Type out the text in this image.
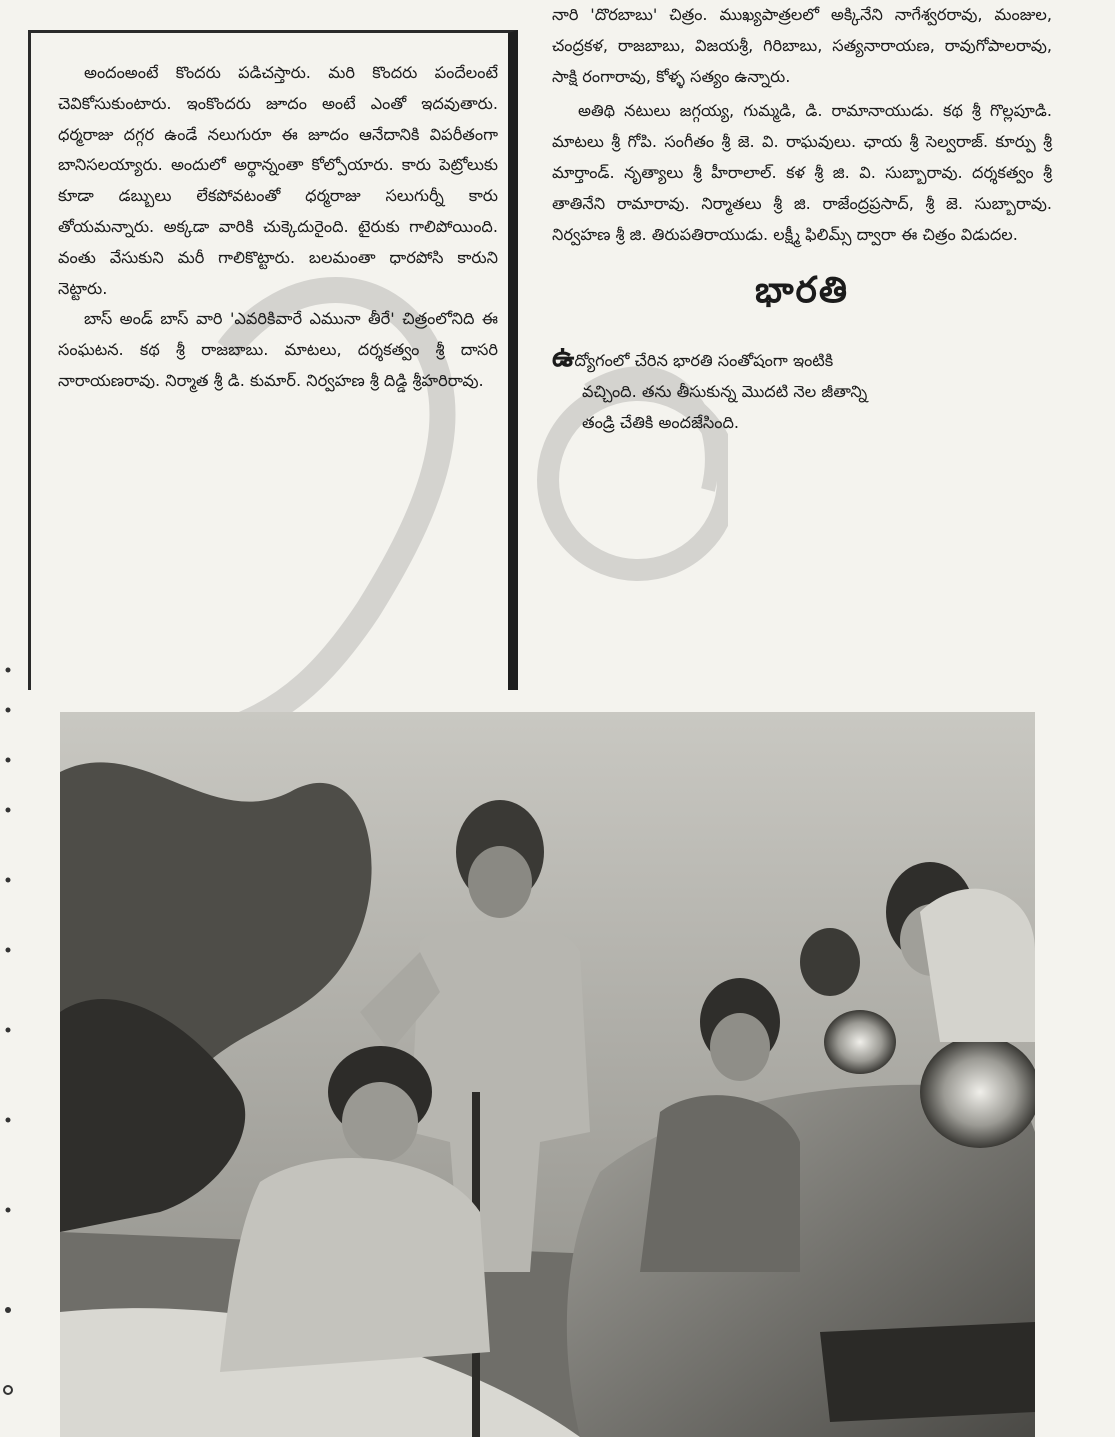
అందంఅంటే కొందరు పడిచస్తారు. మరి కొందరు పందేలంటే చెవికోసుకుంటారు. ఇంకొందరు జూదం అంటే ఎంతో ఇదవుతారు. ధర్మరాజు దగ్గర ఉండే నలుగురూ ఈ జూదం ఆనేదానికి విపరీతంగా బానిసలయ్యారు. అందులో అర్థాన్నంతా కోల్పోయారు. కారు పెట్రోలుకు కూడా డబ్బులు లేకపోవటంతో ధర్మరాజు సలుగుర్నీ కారు తోయమన్నారు. అక్కడా వారికి చుక్కెదురైంది. టైరుకు గాలిపోయింది. వంతు వేసుకుని మరీ గాలికొట్టారు. బలమంతా ధారపోసి కారుని నెట్టారు.

బాస్ అండ్ బాస్ వారి 'ఎవరికివారే ఎమునా తీరే' చిత్రంలోనిది ఈ సంఘటన. కథ శ్రీ రాజబాబు. మాటలు, దర్శకత్వం శ్రీ దాసరి నారాయణరావు. నిర్మాత శ్రీ డి. కుమార్. నిర్వహణ శ్రీ దిడ్డి శ్రీహరిరావు.

నారి 'దొరబాబు' చిత్రం. ముఖ్యపాత్రలలో అక్కినేని నాగేశ్వరరావు, మంజుల, చంద్రకళ, రాజబాబు, విజయశ్రీ, గిరిబాబు, సత్యనారాయణ, రావుగోపాలరావు, సాక్షి రంగారావు, కోళ్ళ సత్యం ఉన్నారు.

అతిథి నటులు జగ్గయ్య, గుమ్మడి, డి. రామానాయుడు. కథ శ్రీ గొల్లపూడి. మాటలు శ్రీ గోపి. సంగీతం శ్రీ జె. వి. రాఘవులు. ఛాయ శ్రీ సెల్వరాజ్. కూర్పు శ్రీ మార్తాండ్. నృత్యాలు శ్రీ హీరాలాల్. కళ శ్రీ జి. వి. సుబ్బారావు. దర్శకత్వం శ్రీ తాతినేని రామారావు. నిర్మాతలు శ్రీ జి. రాజేంద్రప్రసాద్, శ్రీ జె. సుబ్బారావు. నిర్వహణ శ్రీ జి. తిరుపతిరాయుడు. లక్ష్మీ ఫిలిమ్స్ ద్వారా ఈ చిత్రం విడుదల.

భారతి
ఉద్యోగంలో చేరిన భారతి సంతోషంగా ఇంటికి
వచ్చింది. తను తీసుకున్న మొదటి నెల జీతాన్ని
తండ్రి చేతికి అందజేసింది.
